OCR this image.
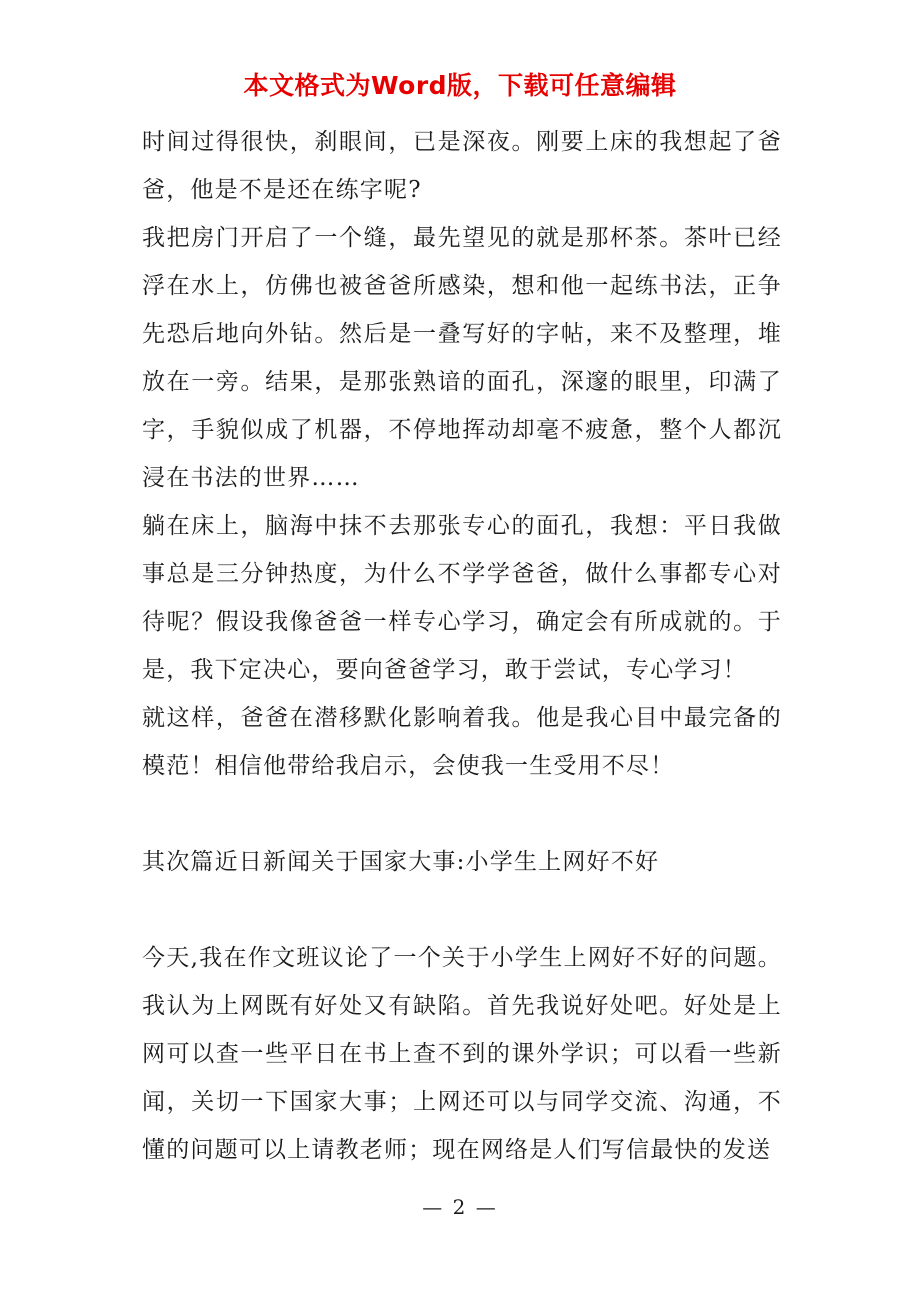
本文格式为Word版，下载可任意编辑

时间过得很快，刹眼间，已是深夜。刚要上床的我想起了爸爸，他是不是还在练字呢?

我把房门开启了一个缝，最先望见的就是那杯茶。茶叶已经浮在水上，仿佛也被爸爸所感染，想和他一起练书法，正争先恐后地向外钻。然后是一叠写好的字帖，来不及整理，堆放在一旁。结果，是那张熟谙的面孔，深邃的眼里，印满了字，手貌似成了机器，不停地挥动却毫不疲惫，整个人都沉浸在书法的世界……

躺在床上，脑海中抹不去那张专心的面孔，我想：平日我做事总是三分钟热度，为什么不学学爸爸，做什么事都专心对待呢？假设我像爸爸一样专心学习，确定会有所成就的。于是，我下定决心，要向爸爸学习，敢于尝试，专心学习！

就这样，爸爸在潜移默化影响着我。他是我心目中最完备的模范！相信他带给我启示，会使我一生受用不尽！

其次篇近日新闻关于国家大事:小学生上网好不好

今天,我在作文班议论了一个关于小学生上网好不好的问题。我认为上网既有好处又有缺陷。首先我说好处吧。好处是上网可以查一些平日在书上查不到的课外学识；可以看一些新闻，关切一下国家大事；上网还可以与同学交流、沟通，不懂的问题可以上请教老师；现在网络是人们写信最快的发送

— 2 —
